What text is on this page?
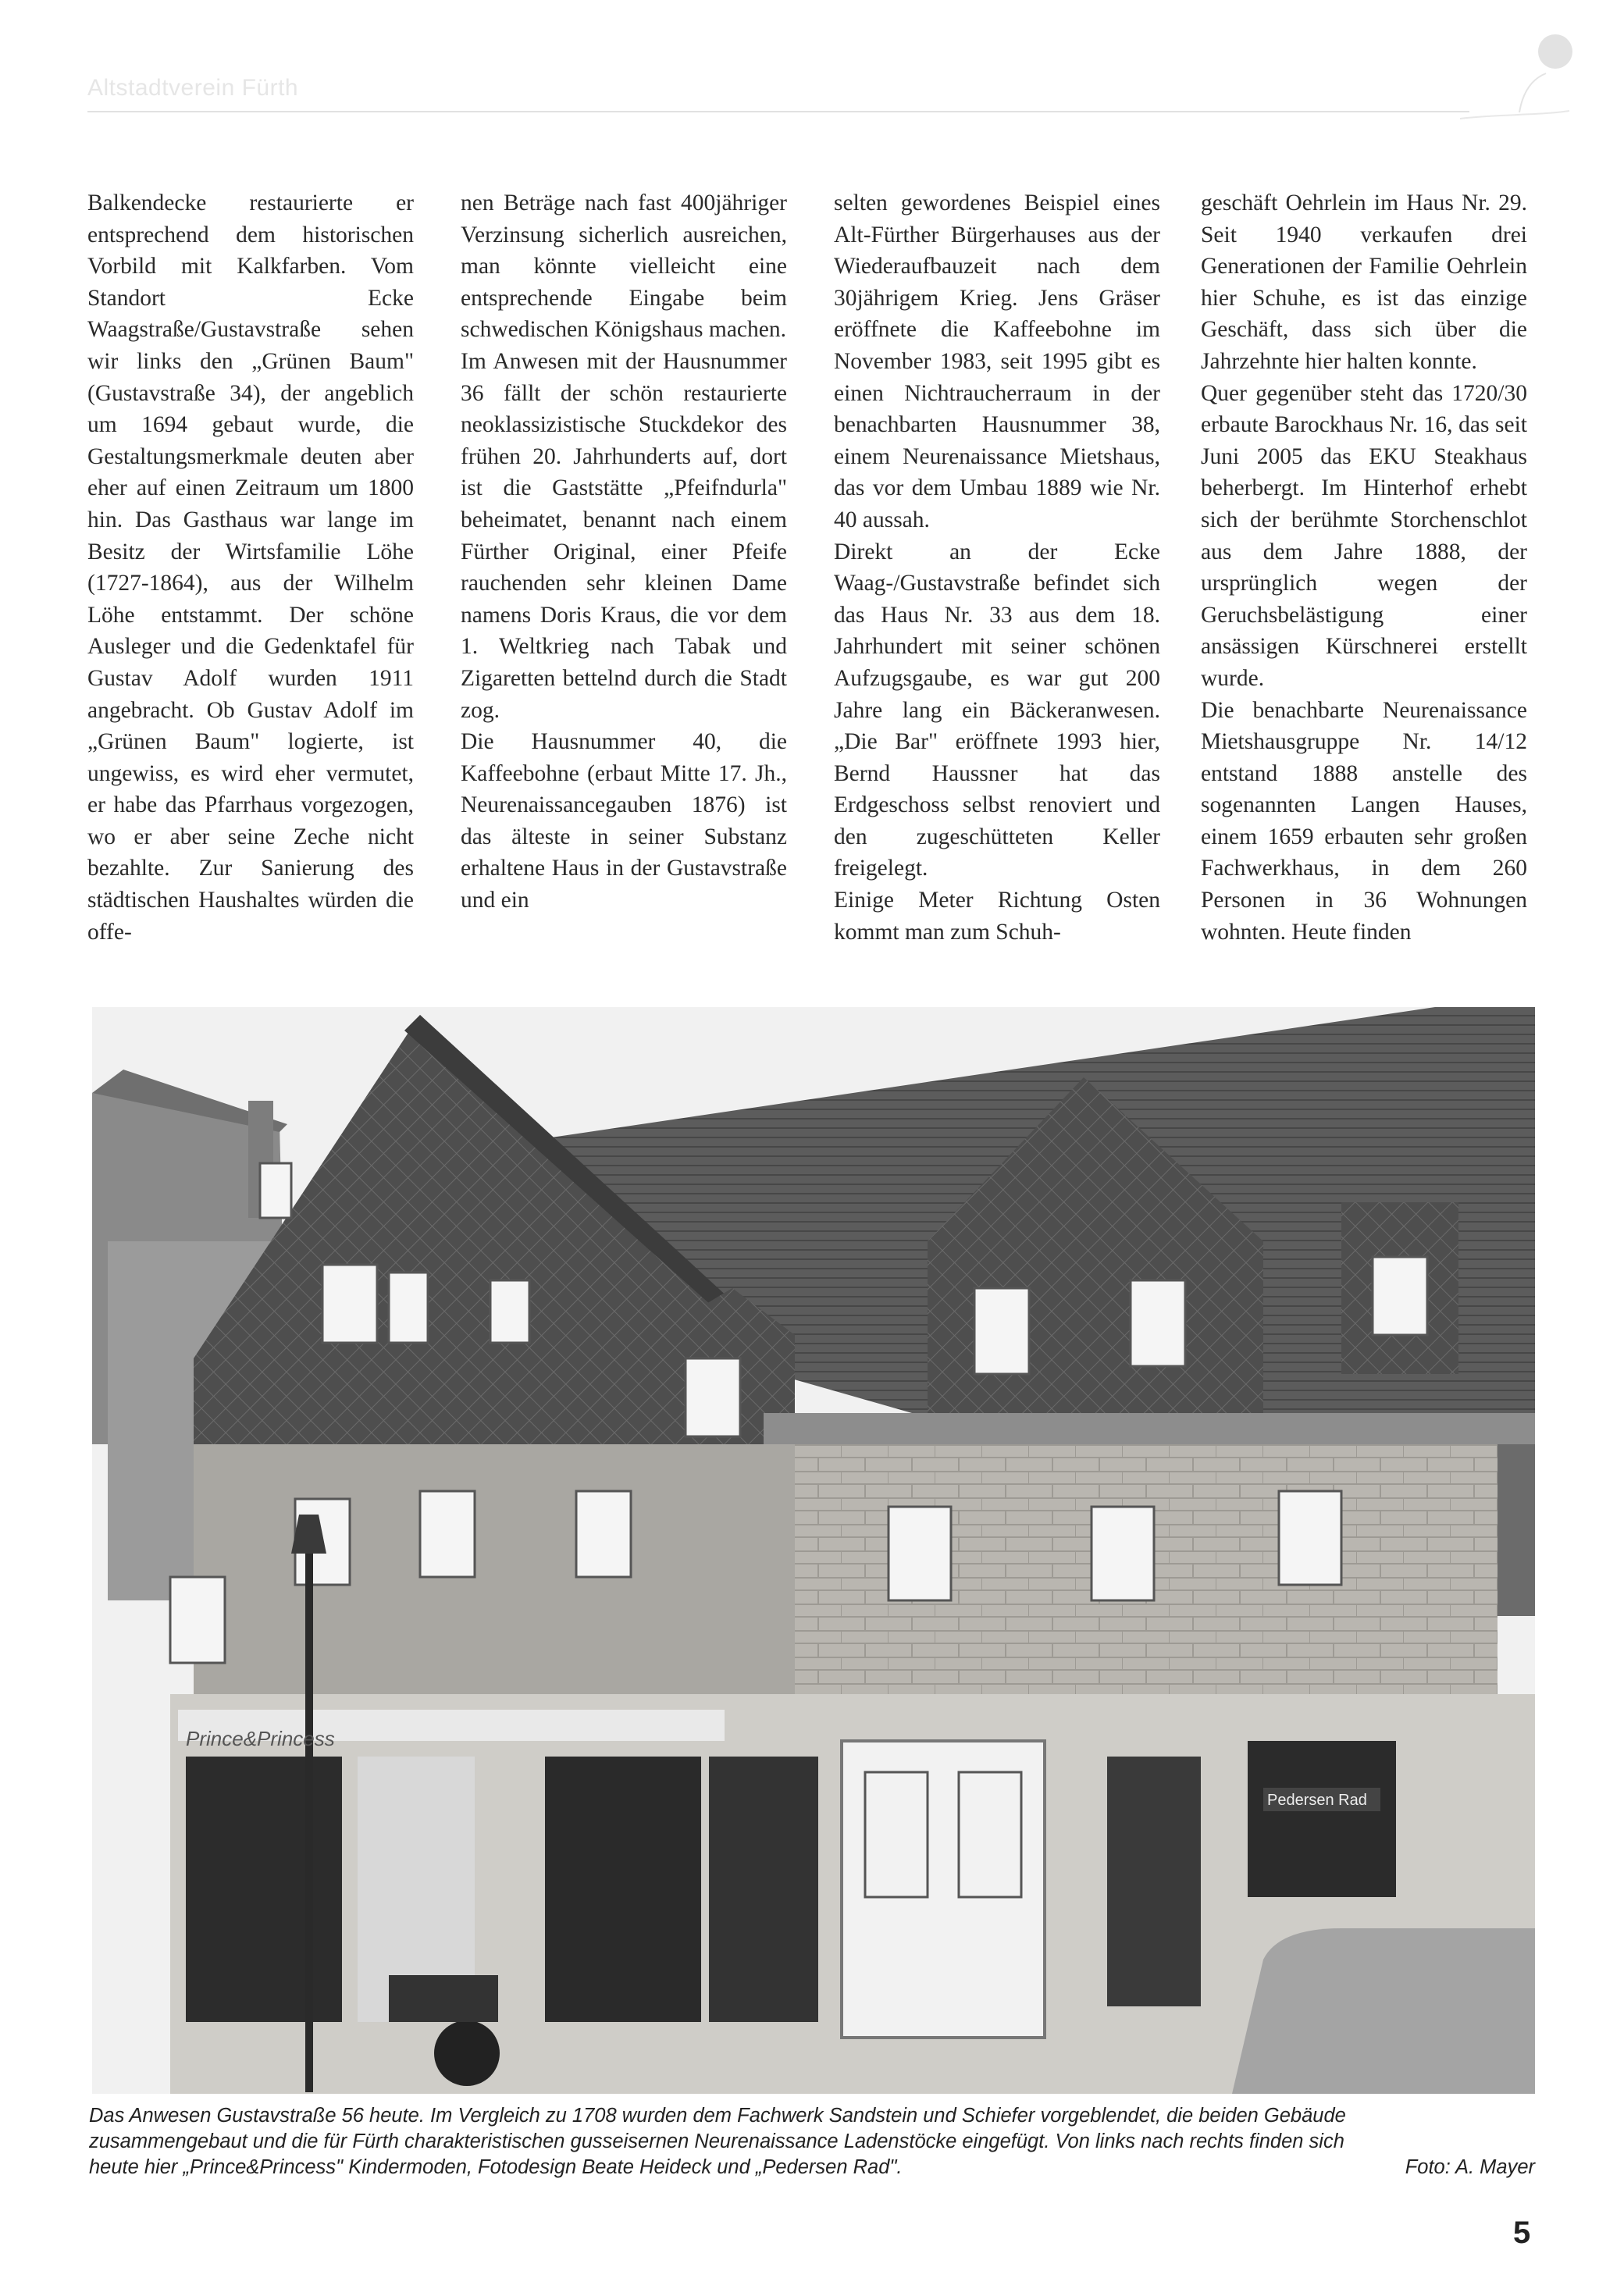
Altstadtverein Fürth

Balkendecke restaurierte er entsprechend dem historischen Vorbild mit Kalkfarben. Vom Standort Ecke Waagstraße/Gustavstraße sehen wir links den „Grünen Baum" (Gustavstraße 34), der angeblich um 1694 gebaut wurde, die Gestaltungsmerkmale deuten aber eher auf einen Zeitraum um 1800 hin. Das Gasthaus war lange im Besitz der Wirtsfamilie Löhe (1727-1864), aus der Wilhelm Löhe entstammt. Der schöne Ausleger und die Gedenktafel für Gustav Adolf wurden 1911 angebracht. Ob Gustav Adolf im „Grünen Baum" logierte, ist ungewiss, es wird eher vermutet, er habe das Pfarrhaus vorgezogen, wo er aber seine Zeche nicht bezahlte. Zur Sanierung des städtischen Haushaltes würden die offe-

nen Beträge nach fast 400jähriger Verzinsung sicherlich ausreichen, man könnte vielleicht eine entsprechende Eingabe beim schwedischen Königshaus machen.

Im Anwesen mit der Hausnummer 36 fällt der schön restaurierte neoklassizistische Stuckdekor des frühen 20. Jahrhunderts auf, dort ist die Gaststätte „Pfeifndurla" beheimatet, benannt nach einem Fürther Original, einer Pfeife rauchenden sehr kleinen Dame namens Doris Kraus, die vor dem 1. Weltkrieg nach Tabak und Zigaretten bettelnd durch die Stadt zog.

Die Hausnummer 40, die Kaffeebohne (erbaut Mitte 17. Jh., Neurenaissancegauben 1876) ist das älteste in seiner Substanz erhaltene Haus in der Gustavstraße und ein

selten gewordenes Beispiel eines Alt-Fürther Bürgerhauses aus der Wiederaufbauzeit nach dem 30jährigem Krieg. Jens Gräser eröffnete die Kaffeebohne im November 1983, seit 1995 gibt es einen Nichtraucherraum in der benachbarten Hausnummer 38, einem Neurenaissance Mietshaus, das vor dem Umbau 1889 wie Nr. 40 aussah.

Direkt an der Ecke Waag-/Gustavstraße befindet sich das Haus Nr. 33 aus dem 18. Jahrhundert mit seiner schönen Aufzugsgaube, es war gut 200 Jahre lang ein Bäckeranwesen. „Die Bar" eröffnete 1993 hier, Bernd Haussner hat das Erdgeschoss selbst renoviert und den zugeschütteten Keller freigelegt.

Einige Meter Richtung Osten kommt man zum Schuh-

geschäft Oehrlein im Haus Nr. 29. Seit 1940 verkaufen drei Generationen der Familie Oehrlein hier Schuhe, es ist das einzige Geschäft, dass sich über die Jahrzehnte hier halten konnte.

Quer gegenüber steht das 1720/30 erbaute Barockhaus Nr. 16, das seit Juni 2005 das EKU Steakhaus beherbergt. Im Hinterhof erhebt sich der berühmte Storchenschlot aus dem Jahre 1888, der ursprünglich wegen der Geruchsbelästigung einer ansässigen Kürschnerei erstellt wurde.

Die benachbarte Neurenaissance Mietshausgruppe Nr. 14/12 entstand 1888 anstelle des sogenannten Langen Hauses, einem 1659 erbauten sehr großen Fachwerkhaus, in dem 260 Personen in 36 Wohnungen wohnten. Heute finden

Prince&Princess
Pedersen Rad
Das Anwesen Gustavstraße 56 heute. Im Vergleich zu 1708 wurden dem Fachwerk Sandstein und Schiefer vorgeblendet, die beiden Gebäude
zusammengebaut und die für Fürth charakteristischen gusseisernen Neurenaissance Ladenstöcke eingefügt. Von links nach rechts finden sich
heute hier „Prince&Princess" Kindermoden, Fotodesign Beate Heideck und „Pedersen Rad".	Foto: A. Mayer
5
